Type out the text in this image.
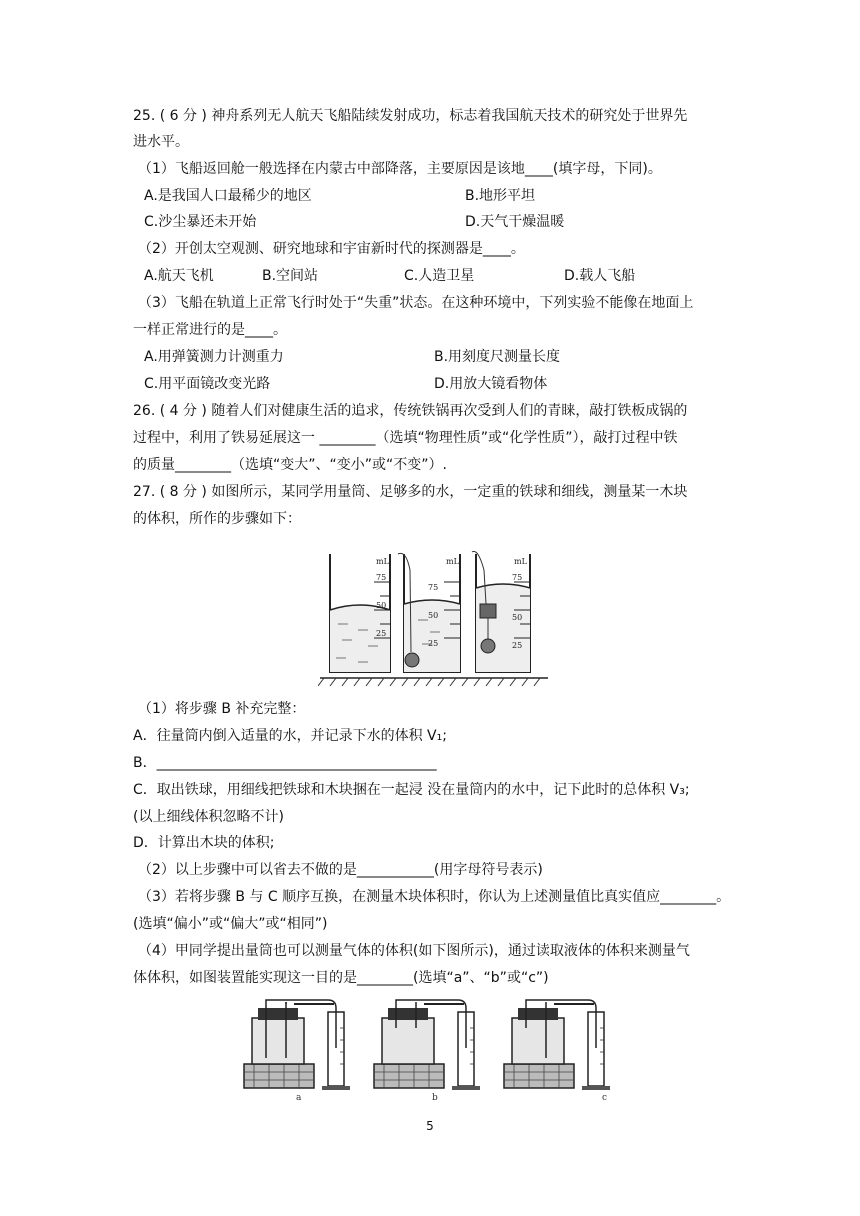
25. ( 6 分 ) 神舟系列无人航天飞船陆续发射成功，标志着我国航天技术的研究处于世界先
进水平。
（1）飞船返回舱一般选择在内蒙古中部降落，主要原因是该地____(填字母，下同)。
A.是我国人口最稀少的地区	B.地形平坦
C.沙尘暴还未开始	D.天气干燥温暖
（2）开创太空观测、研究地球和宇宙新时代的探测器是____。
A.航天飞机	B.空间站	C.人造卫星	D.载人飞船
（3）飞船在轨道上正常飞行时处于“失重”状态。在这种环境中，下列实验不能像在地面上
一样正常进行的是____。
A.用弹簧测力计测重力	B.用刻度尺测量长度
C.用平面镜改变光路	D.用放大镜看物体
26. ( 4 分 ) 随着人们对健康生活的追求，传统铁锅再次受到人们的青睐，敲打铁板成锅的
过程中，利用了铁易延展这一 ________（选填“物理性质”或“化学性质”），敲打过程中铁
的质量________（选填“变大”、“变小”或“不变”）.
27. ( 8 分 ) 如图所示，某同学用量筒、足够多的水，一定重的铁球和细线，测量某一木块
的体积，所作的步骤如下：
mL
75
50
25
mL
75
50
25
mL
75
50
25
（1）将步骤 B 补充完整：
A．往量筒内倒入适量的水，并记录下水的体积 V₁;
B．________________________________________
C．取出铁球，用细线把铁球和木块捆在一起浸 没在量筒内的水中，记下此时的总体积 V₃;
(以上细线体积忽略不计)
D．计算出木块的体积;
（2）以上步骤中可以省去不做的是___________(用字母符号表示)
（3）若将步骤 B 与 C 顺序互换，在测量木块体积时，你认为上述测量值比真实值应________。
(选填“偏小”或“偏大”或“相同”)
（4）甲同学提出量筒也可以测量气体的体积(如下图所示)，通过读取液体的体积来测量气
体体积，如图装置能实现这一目的是________(选填“a”、“b”或“c”)
a	b	c
5
